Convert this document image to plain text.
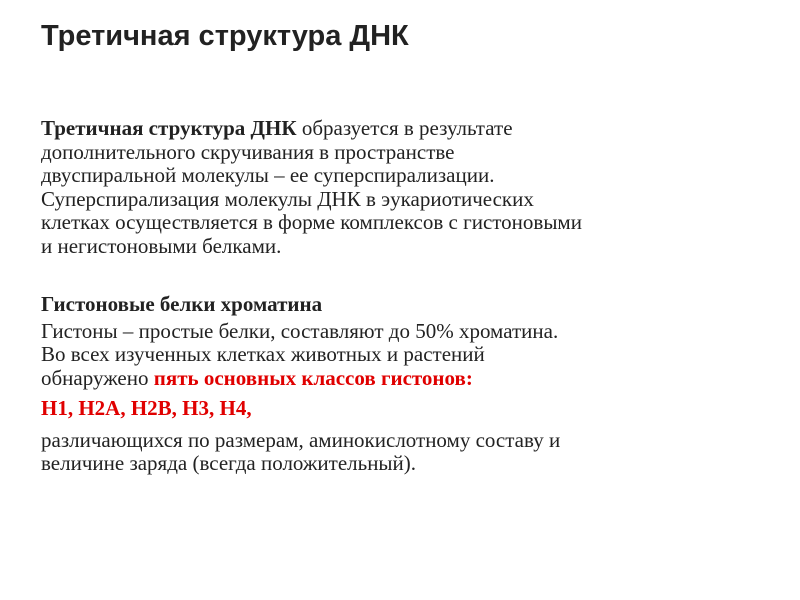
Третичная структура ДНК

Третичная структура ДНК образуется в результате
дополнительного скручивания в пространстве
двуспиральной молекулы – ее суперспирализации.
Суперспирализация молекулы ДНК в эукариотических
клетках осуществляется в форме комплексов с гистоновыми
и негистоновыми белками.

Гистоновые белки хроматина

Гистоны – простые белки, составляют до 50% хроматина.
Во всех изученных клетках животных и растений
обнаружено пять основных классов гистонов:

Н1, Н2А, Н2В, Н3, Н4,

различающихся по размерам, аминокислотному составу и
величине заряда (всегда положительный).
